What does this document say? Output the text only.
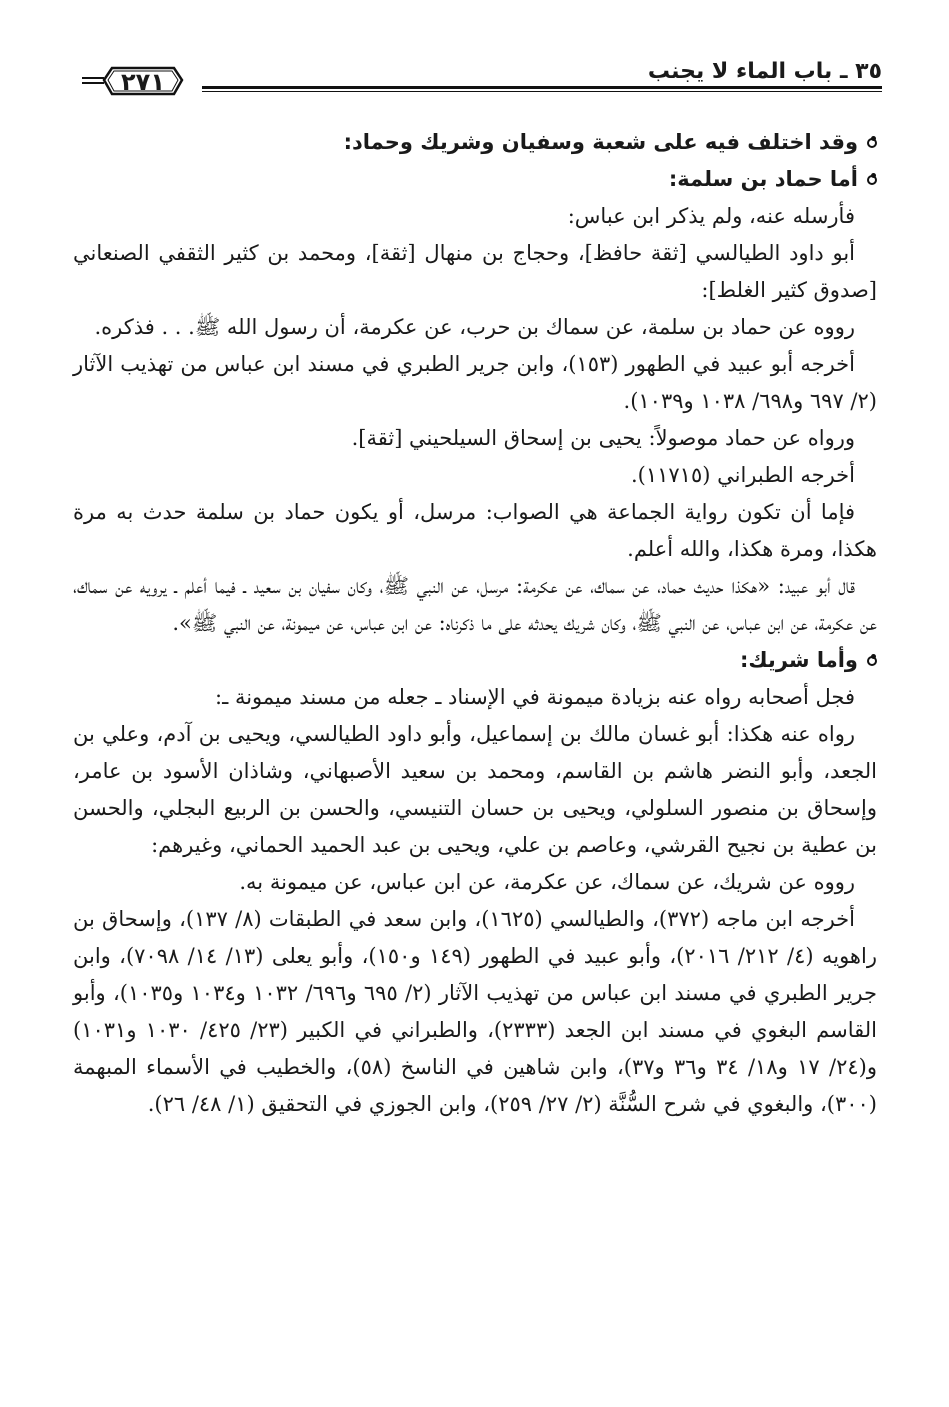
٣٥ ـ باب الماء لا يجنب
٢٧١
وقد اختلف فيه على شعبة وسفيان وشريك وحماد:
أما حماد بن سلمة:

فأرسله عنه، ولم يذكر ابن عباس:

أبو داود الطيالسي [ثقة حافظ]، وحجاج بن منهال [ثقة]، ومحمد بن كثير الثقفي الصنعاني [صدوق كثير الغلط]:

رووه عن حماد بن سلمة، عن سماك بن حرب، عن عكرمة، أن رسول الله ﷺ. . . فذكره.

أخرجه أبو عبيد في الطهور (١٥٣)، وابن جرير الطبري في مسند ابن عباس من تهذيب الآثار (٢/ ٦٩٧ و٦٩٨/ ١٠٣٨ و١٠٣٩).

ورواه عن حماد موصولاً: يحيى بن إسحاق السيلحيني [ثقة].

أخرجه الطبراني (١١٧١٥).

فإما أن تكون رواية الجماعة هي الصواب: مرسل، أو يكون حماد بن سلمة حدث به مرة هكذا، ومرة هكذا، والله أعلم.

قال أبو عبيد: «هكذا حديث حماد، عن سماك، عن عكرمة: مرسل، عن النبي ﷺ، وكان سفيان بن سعيد ـ فيما أعلم ـ يرويه عن سماك، عن عكرمة، عن ابن عباس، عن النبي ﷺ، وكان شريك يحدثه على ما ذكرناه: عن ابن عباس، عن ميمونة، عن النبي ﷺ».

وأما شريك:

فجل أصحابه رواه عنه بزيادة ميمونة في الإسناد ـ جعله من مسند ميمونة ـ:

رواه عنه هكذا: أبو غسان مالك بن إسماعيل، وأبو داود الطيالسي، ويحيى بن آدم، وعلي بن الجعد، وأبو النضر هاشم بن القاسم، ومحمد بن سعيد الأصبهاني، وشاذان الأسود بن عامر، وإسحاق بن منصور السلولي، ويحيى بن حسان التنيسي، والحسن بن الربيع البجلي، والحسن بن عطية بن نجيح القرشي، وعاصم بن علي، ويحيى بن عبد الحميد الحماني، وغيرهم:

رووه عن شريك، عن سماك، عن عكرمة، عن ابن عباس، عن ميمونة به.

أخرجه ابن ماجه (٣٧٢)، والطيالسي (١٦٢٥)، وابن سعد في الطبقات (٨/ ١٣٧)، وإسحاق بن راهويه (٤/ ٢١٢/ ٢٠١٦)، وأبو عبيد في الطهور (١٤٩ و١٥٠)، وأبو يعلى (١٣/ ١٤/ ٧٠٩٨)، وابن جرير الطبري في مسند ابن عباس من تهذيب الآثار (٢/ ٦٩٥ و٦٩٦/ ١٠٣٢ و١٠٣٤ و١٠٣٥)، وأبو القاسم البغوي في مسند ابن الجعد (٢٣٣٣)، والطبراني في الكبير (٢٣/ ٤٢٥/ ١٠٣٠ و١٠٣١) و(٢٤/ ١٧ و١٨/ ٣٤ و٣٦ و٣٧)، وابن شاهين في الناسخ (٥٨)، والخطيب في الأسماء المبهمة (٣٠٠)، والبغوي في شرح السُّنَّة (٢/ ٢٧/ ٢٥٩)، وابن الجوزي في التحقيق (١/ ٤٨/ ٢٦).
